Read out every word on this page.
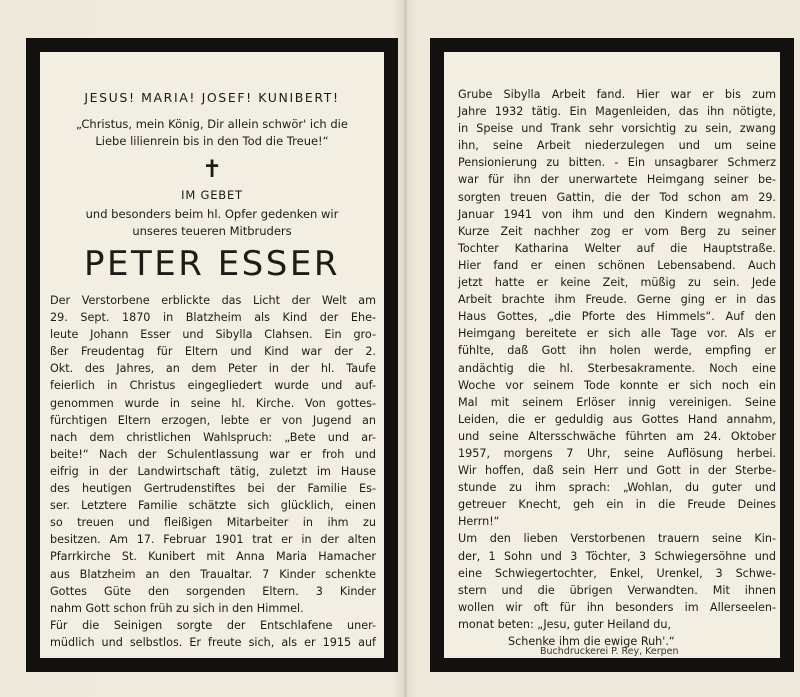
JESUS! MARIA! JOSEF! KUNIBERT!
„Christus, mein König, Dir allein schwör' ich die
Liebe lilienrein bis in den Tod die Treue!“
✝
IM GEBET
und besonders beim hl. Opfer gedenken wir
unseres teueren Mitbruders
PETER ESSER
Der Verstorbene erblickte das Licht der Welt am
29. Sept. 1870 in Blatzheim als Kind der Ehe-
leute Johann Esser und Sibylla Clahsen. Ein gro-
ßer Freudentag für Eltern und Kind war der 2.
Okt. des Jahres, an dem Peter in der hl. Taufe
feierlich in Christus eingegliedert wurde und auf-
genommen wurde in seine hl. Kirche. Von gottes-
fürchtigen Eltern erzogen, lebte er von Jugend an
nach dem christlichen Wahlspruch: „Bete und ar-
beite!“ Nach der Schulentlassung war er froh und
eifrig in der Landwirtschaft tätig, zuletzt im Hause
des heutigen Gertrudenstiftes bei der Familie Es-
ser. Letztere Familie schätzte sich glücklich, einen
so treuen und fleißigen Mitarbeiter in ihm zu
besitzen. Am 17. Februar 1901 trat er in der alten
Pfarrkirche St. Kunibert mit Anna Maria Hamacher
aus Blatzheim an den Traualtar. 7 Kinder schenkte
Gottes Güte den sorgenden Eltern. 3 Kinder
nahm Gott schon früh zu sich in den Himmel.
Für die Seinigen sorgte der Entschlafene uner-
müdlich und selbstlos. Er freute sich, als er 1915 auf
Grube Sibylla Arbeit fand. Hier war er bis zum
Jahre 1932 tätig. Ein Magenleiden, das ihn nötigte,
in Speise und Trank sehr vorsichtig zu sein, zwang
ihn, seine Arbeit niederzulegen und um seine
Pensionierung zu bitten. - Ein unsagbarer Schmerz
war für ihn der unerwartete Heimgang seiner be-
sorgten treuen Gattin, die der Tod schon am 29.
Januar 1941 von ihm und den Kindern wegnahm.
Kurze Zeit nachher zog er vom Berg zu seiner
Tochter Katharina Welter auf die Hauptstraße.
Hier fand er einen schönen Lebensabend. Auch
jetzt hatte er keine Zeit, müßig zu sein. Jede
Arbeit brachte ihm Freude. Gerne ging er in das
Haus Gottes, „die Pforte des Himmels“. Auf den
Heimgang bereitete er sich alle Tage vor. Als er
fühlte, daß Gott ihn holen werde, empfing er
andächtig die hl. Sterbesakramente. Noch eine
Woche vor seinem Tode konnte er sich noch ein
Mal mit seinem Erlöser innig vereinigen. Seine
Leiden, die er geduldig aus Gottes Hand annahm,
und seine Altersschwäche führten am 24. Oktober
1957, morgens 7 Uhr, seine Auflösung herbei.
Wir hoffen, daß sein Herr und Gott in der Sterbe-
stunde zu ihm sprach: „Wohlan, du guter und
getreuer Knecht, geh ein in die Freude Deines
Herrn!“
Um den lieben Verstorbenen trauern seine Kin-
der, 1 Sohn und 3 Töchter, 3 Schwiegersöhne und
eine Schwiegertochter, Enkel, Urenkel, 3 Schwe-
stern und die übrigen Verwandten. Mit ihnen
wollen wir oft für ihn besonders im Allerseelen-
monat beten: „Jesu, guter Heiland du,
Schenke ihm die ewige Ruh'.“
Buchdruckerei P. Rey, Kerpen
